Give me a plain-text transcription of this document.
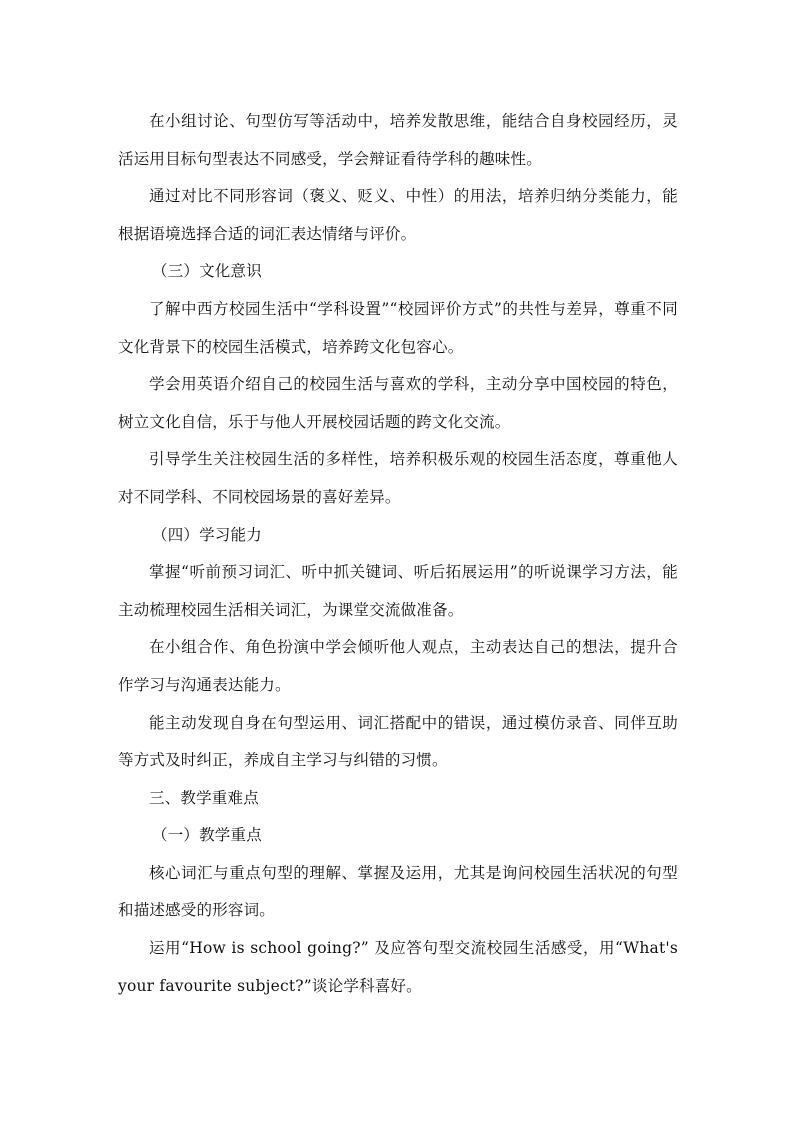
在小组讨论、句型仿写等活动中，培养发散思维，能结合自身校园经历，灵活运用目标句型表达不同感受，学会辩证看待学科的趣味性。

通过对比不同形容词（褒义、贬义、中性）的用法，培养归纳分类能力，能根据语境选择合适的词汇表达情绪与评价。

（三）文化意识

了解中西方校园生活中“学科设置”“校园评价方式”的共性与差异，尊重不同文化背景下的校园生活模式，培养跨文化包容心。

学会用英语介绍自己的校园生活与喜欢的学科，主动分享中国校园的特色，树立文化自信，乐于与他人开展校园话题的跨文化交流。

引导学生关注校园生活的多样性，培养积极乐观的校园生活态度，尊重他人对不同学科、不同校园场景的喜好差异。

（四）学习能力

掌握“听前预习词汇、听中抓关键词、听后拓展运用”的听说课学习方法，能主动梳理校园生活相关词汇，为课堂交流做准备。

在小组合作、角色扮演中学会倾听他人观点，主动表达自己的想法，提升合作学习与沟通表达能力。

能主动发现自身在句型运用、词汇搭配中的错误，通过模仿录音、同伴互助等方式及时纠正，养成自主学习与纠错的习惯。

三、教学重难点

（一）教学重点

核心词汇与重点句型的理解、掌握及运用，尤其是询问校园生活状况的句型和描述感受的形容词。

运用“How is school going?” 及应答句型交流校园生活感受，用“What's your favourite subject?”谈论学科喜好。
